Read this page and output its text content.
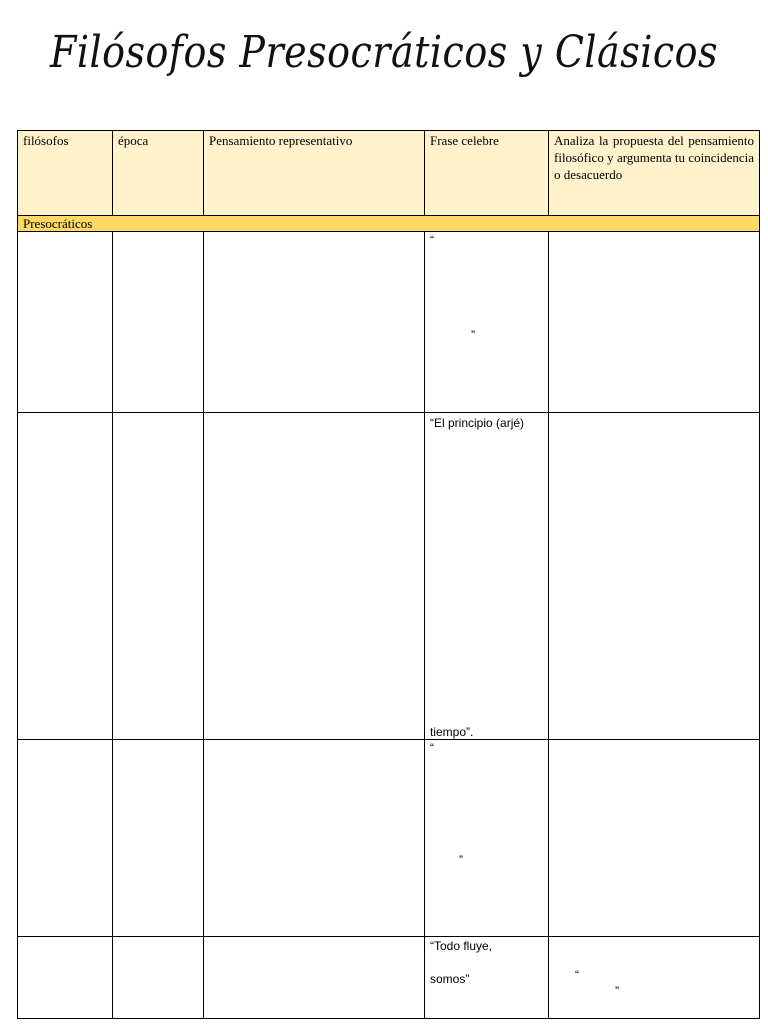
Filósofos Presocráticos y Clásicos
filósofos	época	Pensamiento representativo	Frase celebre	Analiza la propuesta del pensamiento filosófico y argumenta tu coincidencia o desacuerdo
Presocráticos				

			“
”	

			“El principio (arjé)
tiempo”.	

			“
”	

			“Todo fluye,
somos”	“
”
